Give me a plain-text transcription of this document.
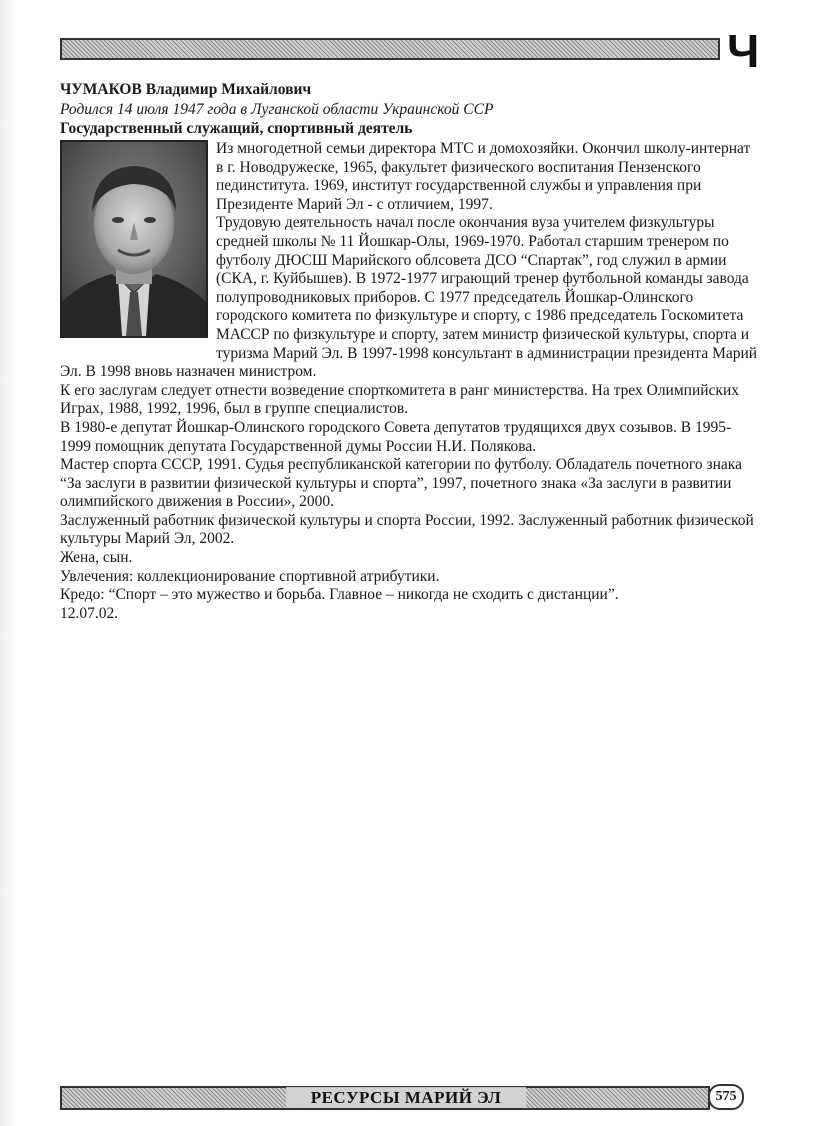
Ч
ЧУМАКОВ Владимир Михайлович
Родился 14 июля 1947 года в Луганской области Украинской ССР
Государственный служащий, спортивный деятель

Из многодетной семьи директора МТС и домохозяйки. Окончил школу-интернат в г. Новодружеске, 1965, факультет физического воспитания Пензенского пединститута. 1969, институт государственной службы и управления при Президенте Марий Эл - с отличием, 1997.

Трудовую деятельность начал после окончания вуза учителем физкультуры средней школы № 11 Йошкар-Олы, 1969-1970. Работал старшим тренером по футболу ДЮСШ Марийского облсовета ДСО “Спартак”, год служил в армии (СКА, г. Куйбышев). В 1972-1977 играющий тренер футбольной команды завода полупроводниковых приборов. С 1977 председатель Йошкар-Олинского городского комитета по физкультуре и спорту, с 1986 председатель Госкомитета МАССР по физкультуре и спорту, затем министр физической культуры, спорта и туризма Марий Эл. В 1997-1998 консультант в администрации президента Марий Эл. В 1998 вновь назначен министром.

К его заслугам следует отнести возведение спорткомитета в ранг министерства. На трех Олимпийских Играх, 1988, 1992, 1996, был в группе специалистов.

В 1980-е депутат Йошкар-Олинского городского Совета депутатов трудящихся двух созывов. В 1995-1999 помощник депутата Государственной думы России Н.И. Полякова.

Мастер спорта СССР, 1991. Судья республиканской категории по футболу. Обладатель почетного знака “За заслуги в развитии физической культуры и спорта”, 1997, почетного знака «За заслуги в развитии олимпийского движения в России», 2000.

Заслуженный работник физической культуры и спорта России, 1992. Заслуженный работник физической культуры Марий Эл, 2002.

Жена, сын.

Увлечения: коллекционирование спортивной атрибутики.

Кредо: “Спорт – это мужество и борьба. Главное – никогда не сходить с дистанции”.

12.07.02.

РЕСУРСЫ МАРИЙ ЭЛ	575
